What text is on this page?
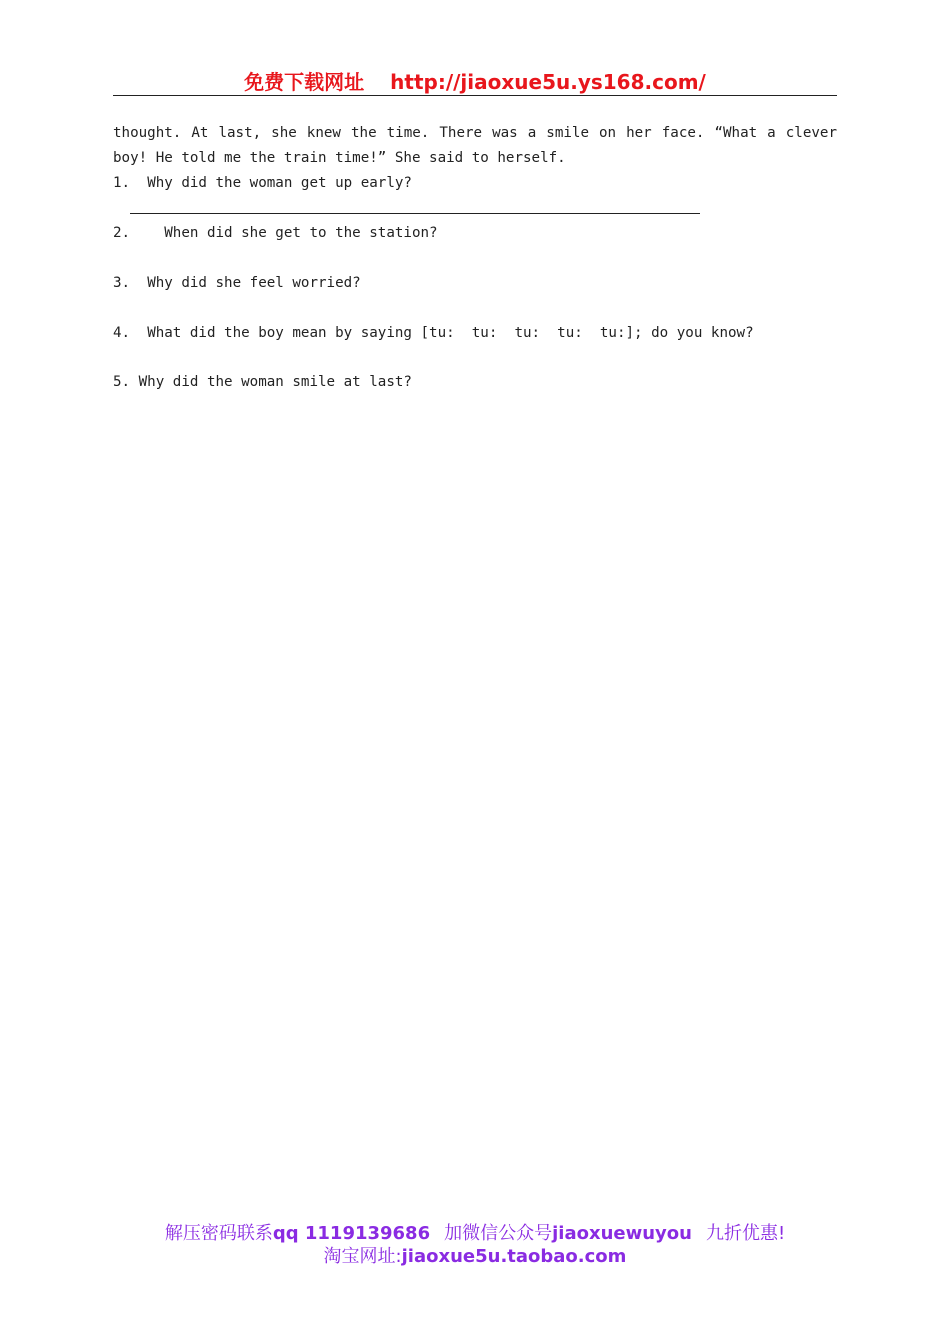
免费下载网址 http://jiaoxue5u.ys168.com/
thought. At last, she knew the time. There was a smile on her face. “What a clever
boy! He told me the train time!” She said to herself.
1. Why did the woman get up early?
2. When did she get to the station?
3. Why did she feel worried?
4. What did the boy mean by saying [tu:  tu:  tu:  tu:  tu:]; do you know?
5. Why did the woman smile at last?
解压密码联系qq 1119139686 加微信公众号jiaoxuewuyou 九折优惠!
淘宝网址:jiaoxue5u.taobao.com
